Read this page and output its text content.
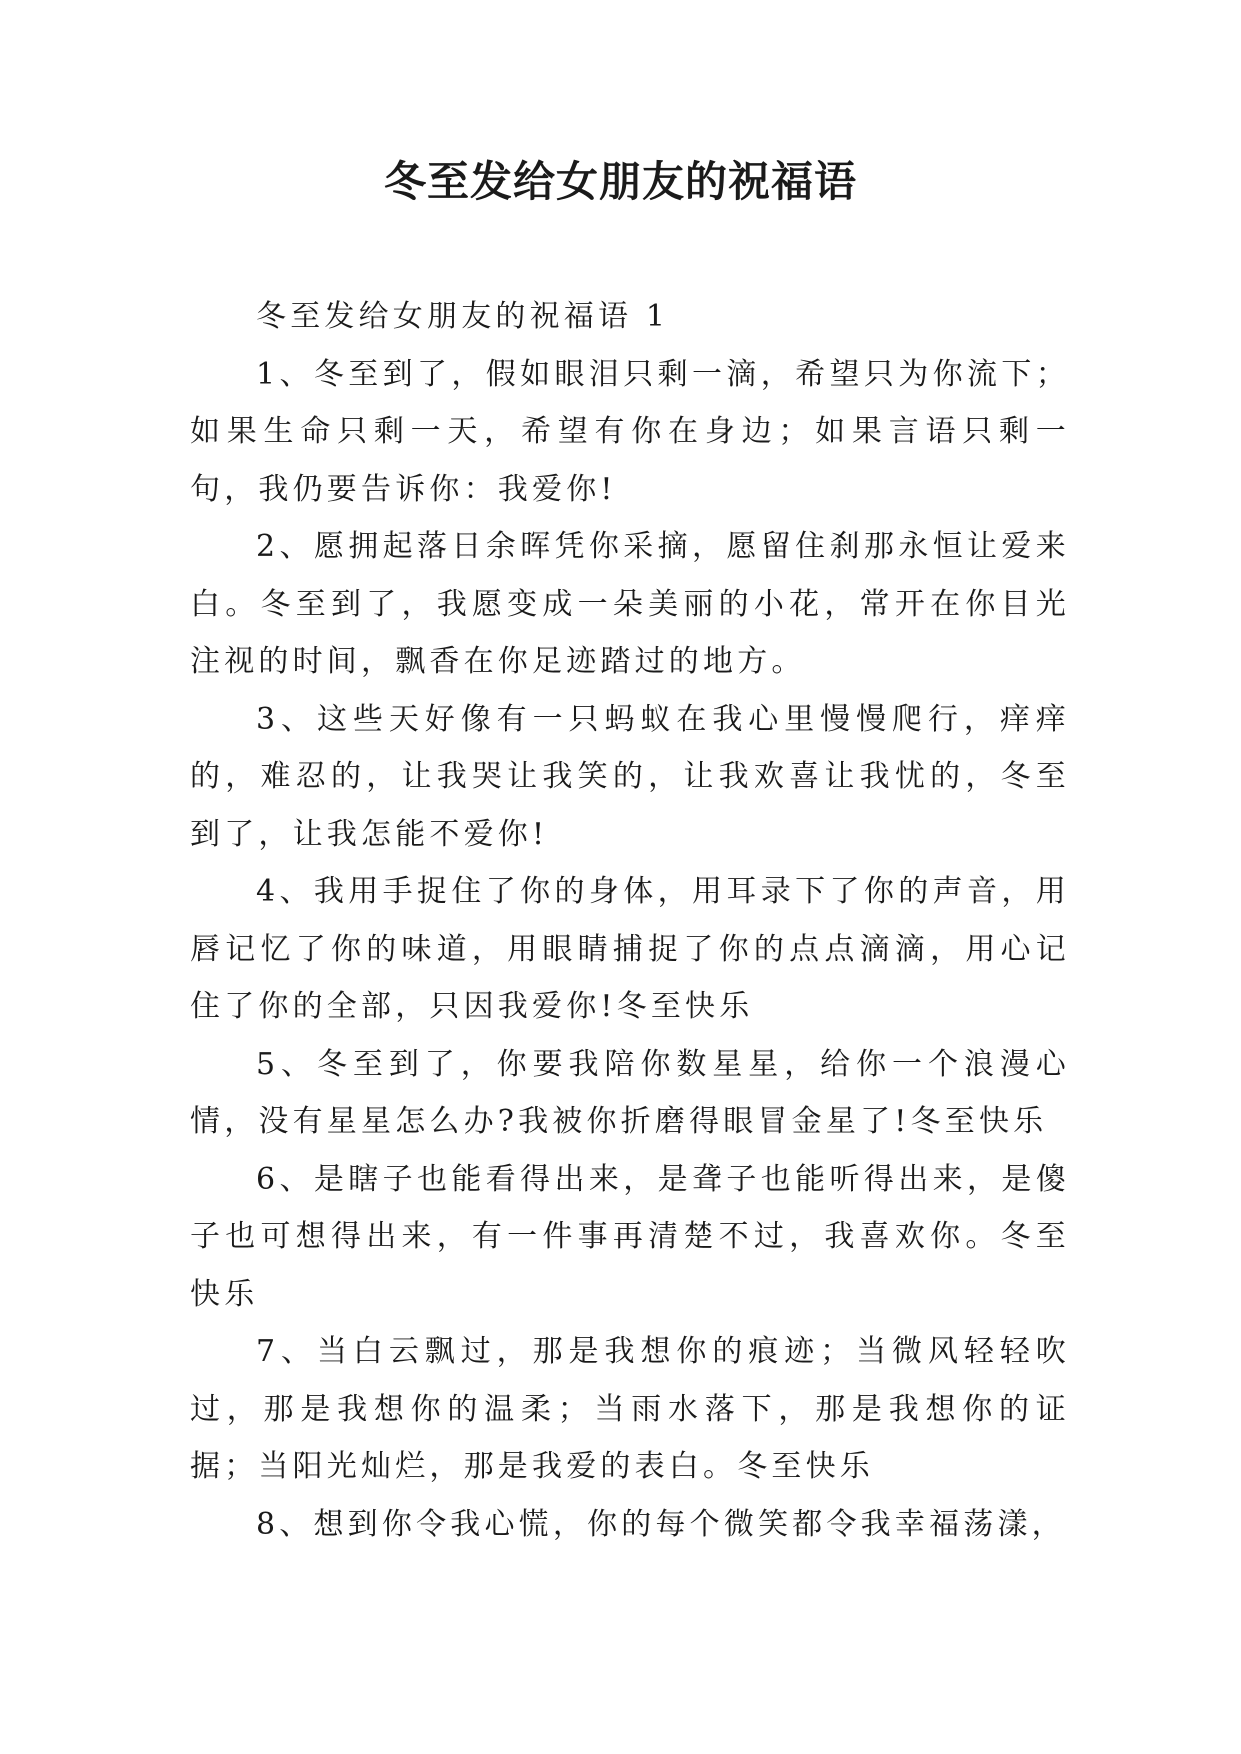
冬至发给女朋友的祝福语

冬至发给女朋友的祝福语 1

1、冬至到了，假如眼泪只剩一滴，希望只为你流下；如果生命只剩一天，希望有你在身边；如果言语只剩一句，我仍要告诉你：我爱你!

2、愿拥起落日余晖凭你采摘，愿留住刹那永恒让爱来白。冬至到了，我愿变成一朵美丽的小花，常开在你目光注视的时间，飘香在你足迹踏过的地方。

3、这些天好像有一只蚂蚁在我心里慢慢爬行，痒痒的，难忍的，让我哭让我笑的，让我欢喜让我忧的，冬至到了，让我怎能不爱你!

4、我用手捉住了你的身体，用耳录下了你的声音，用唇记忆了你的味道，用眼睛捕捉了你的点点滴滴，用心记住了你的全部，只因我爱你!冬至快乐

5、冬至到了，你要我陪你数星星，给你一个浪漫心情，没有星星怎么办?我被你折磨得眼冒金星了!冬至快乐

6、是瞎子也能看得出来，是聋子也能听得出来，是傻子也可想得出来，有一件事再清楚不过，我喜欢你。冬至快乐

7、当白云飘过，那是我想你的痕迹；当微风轻轻吹过，那是我想你的温柔；当雨水落下，那是我想你的证据；当阳光灿烂，那是我爱的表白。冬至快乐

8、想到你令我心慌，你的每个微笑都令我幸福荡漾，
